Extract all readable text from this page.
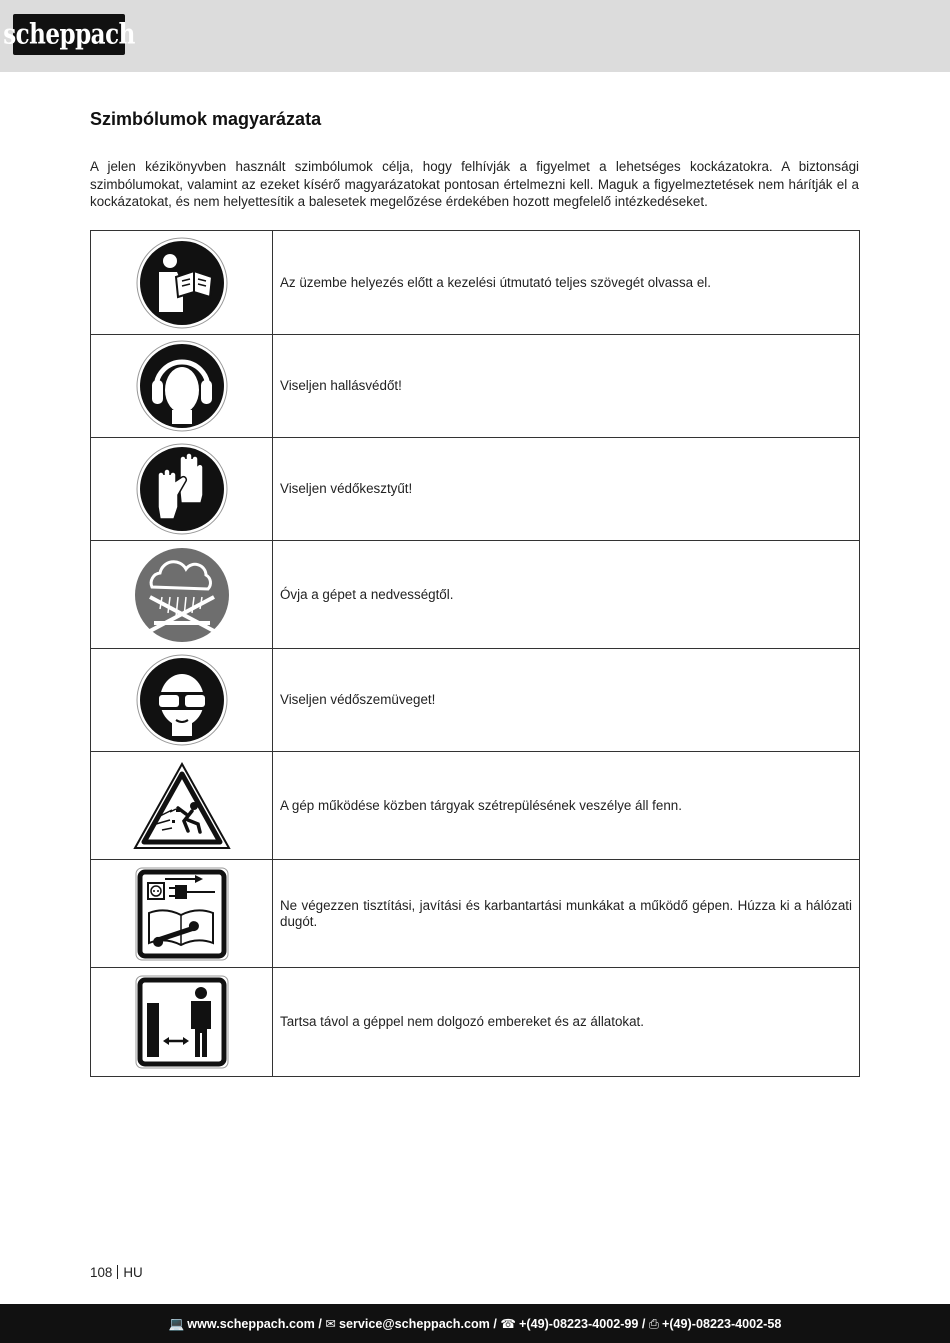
scheppach
Szimbólumok magyarázata

A jelen kézikönyvben használt szimbólumok célja, hogy felhívják a figyelmet a lehetséges kockázatokra. A biztonsági szimbólumokat, valamint az ezeket kísérő magyarázatokat pontosan értelmezni kell. Maguk a figyelmeztetések nem hárítják el a kockázatokat, és nem helyettesítik a balesetek megelőzése érdekében hozott megfelelő intézkedéseket.

	Az üzembe helyezés előtt a kezelési útmutató teljes szövegét olvassa el.

	Viseljen hallásvédőt!

	Viseljen védőkesztyűt!

	Óvja a gépet a nedvességtől.

	Viseljen védőszemüveget!

	A gép működése közben tárgyak szétrepülésének veszélye áll fenn.

	Ne végezzen tisztítási, javítási és karbantartási munkákat a működő gépen. Húzza ki a hálózati dugót.

	Tartsa távol a géppel nem dolgozó embereket és az állatokat.
108 HU
💻 www.scheppach.com / ✉ service@scheppach.com / ☎ +(49)-08223-4002-99 / ⎙ +(49)-08223-4002-58
